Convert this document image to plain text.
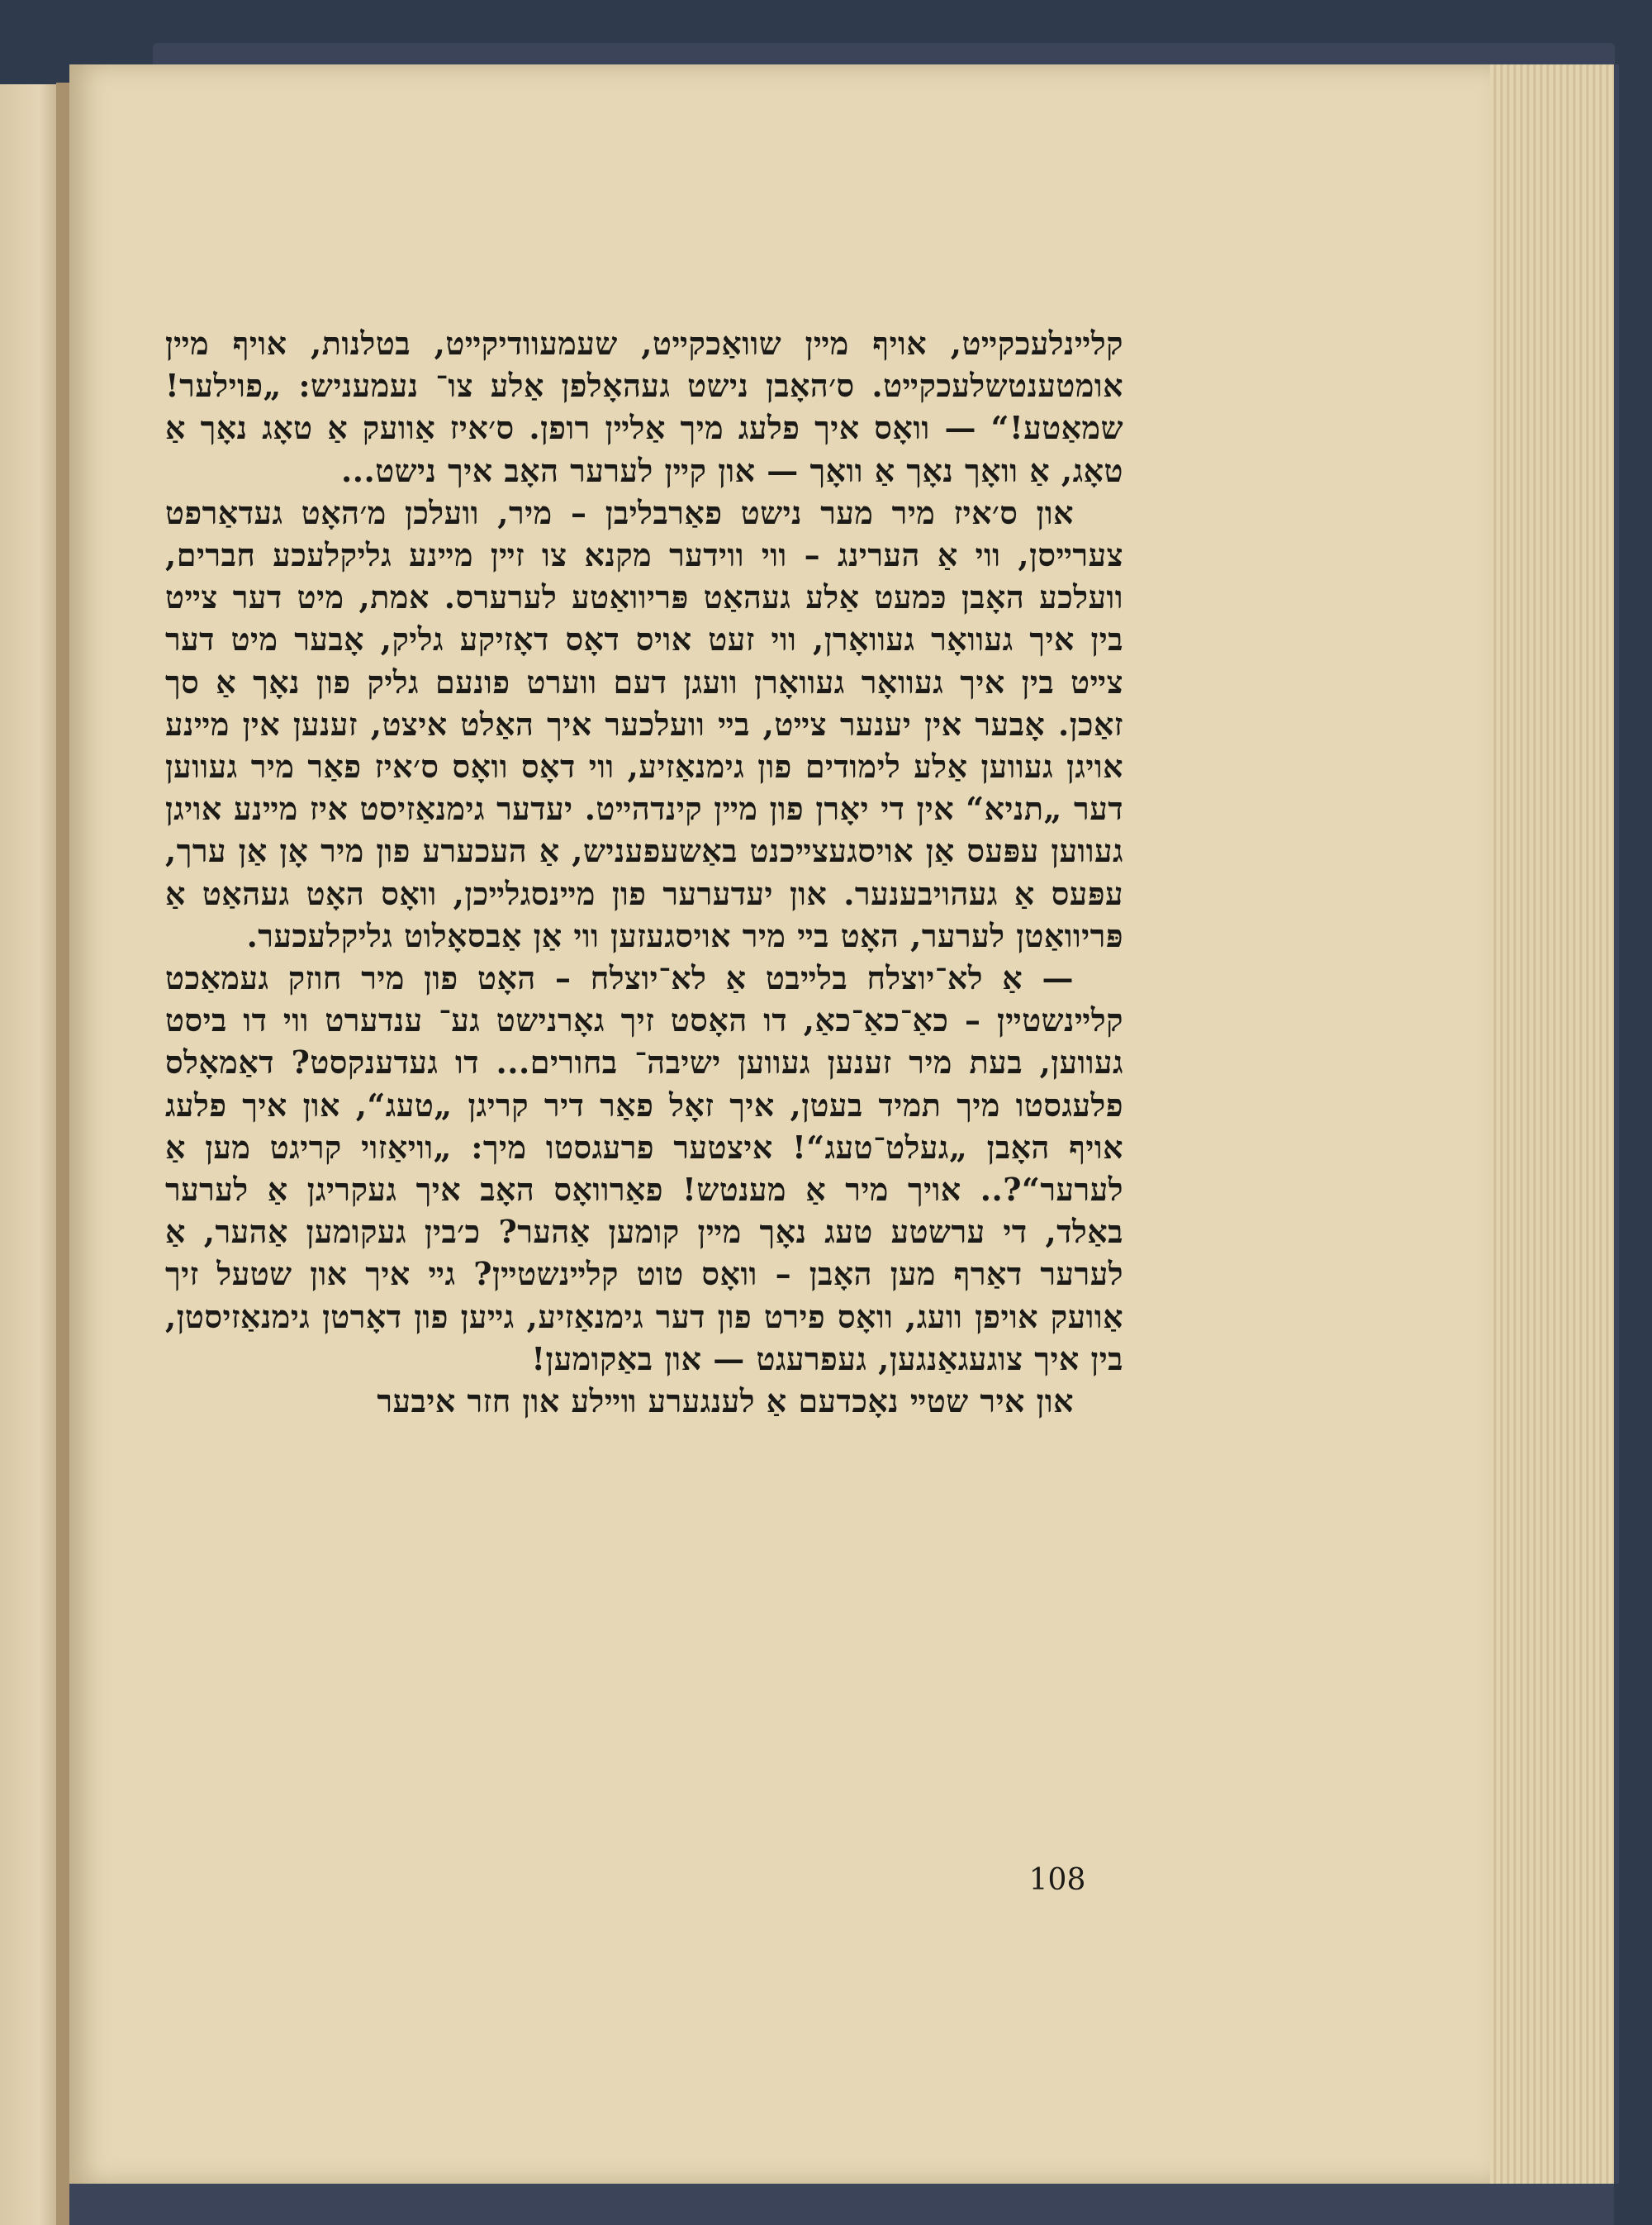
קלײנלעכקײט, אויף מײן שוואַכקײט, שעמעוודיקײט, בטלנות, אויף מײן אומטענטשלעכקײט. ס׳האָבן נישט געהאָלפן אַלע צו־ נעמעניש: „פוילער! שמאַטע!“ — וואָס איך פלעג מיך אַלײן רופן. ס׳איז אַוועק אַ טאָג נאָך אַ טאָג, אַ וואָך נאָך אַ וואָך — און קײן לערער האָב איך נישט...

און ס׳איז מיר מער נישט פאַרבליבן – מיר, וועלכן מ׳האָט געדאַרפט צערײסן, ווי אַ הערינג – ווי ווידער מקנא צו זײן מײנע גליקלעכע חברים, וועלכע האָבן כּמעט אַלע געהאַט פּריוואַטע לערערס. אמת, מיט דער צײט בין איך געוואָר געוואָרן, ווי זעט אויס דאָס דאָזיקע גליק, אָבער מיט דער צײט בין איך געוואָר געוואָרן וועגן דעם ווערט פונעם גליק פון נאָך אַ סך זאַכן. אָבער אין יענער צײט, בײ וועלכער איך האַלט איצט, זענען אין מײנע אויגן געווען אַלע לימודים פון גימנאַזיע, ווי דאָס וואָס ס׳איז פאַר מיר געווען דער „תניא“ אין די יאָרן פון מײן קינדהײט. יעדער גימנאַזיסט איז מײנע אויגן געווען עפּעס אַן אויסגעצײכנט באַשעפעניש, אַ העכערע פון מיר אָן אַן ערך, עפּעס אַ געהויבענער. און יעדערער פון מײנסגלײכן, וואָס האָט געהאַט אַ פּריוואַטן לערער, האָט בײ מיר אויסגעזען ווי אַן אַבסאָלוט גליקלעכער.

— אַ לא־יוצלח בלײבט אַ לא־יוצלח – האָט פון מיר חוזק געמאַכט קלײנשטײן – כאַ־כאַ־כאַ, דו האָסט זיך גאָרנישט גע־ ענדערט ווי דו ביסט געווען, בעת מיר זענען געווען ישיבה־ בחורים... דו געדענקסט? דאַמאָלס פלעגסטו מיך תמיד בעטן, איך זאָל פאַר דיר קריגן „טעג“, און איך פלעג אויף האָבן „געלט־טעג“! איצטער פרעגסטו מיך: „וויאַזוי קריגט מען אַ לערער“?.. אויך מיר אַ מענטש! פאַרוואָס האָב איך געקריגן אַ לערער באַלד, די ערשטע טעג נאָך מײן קומען אַהער? כ׳בין געקומען אַהער, אַ לערער דאַרף מען האָבן – וואָס טוט קלײנשטײן? גײ איך און שטעל זיך אַוועק אויפן וועג, וואָס פירט פון דער גימנאַזיע, גײען פון דאָרטן גימנאַזיסטן, בין איך צוגעגאַנגען, געפרעגט — און באַקומען!

און איר שטײ נאָכדעם אַ לענגערע װײלע און חזר איבער

108
